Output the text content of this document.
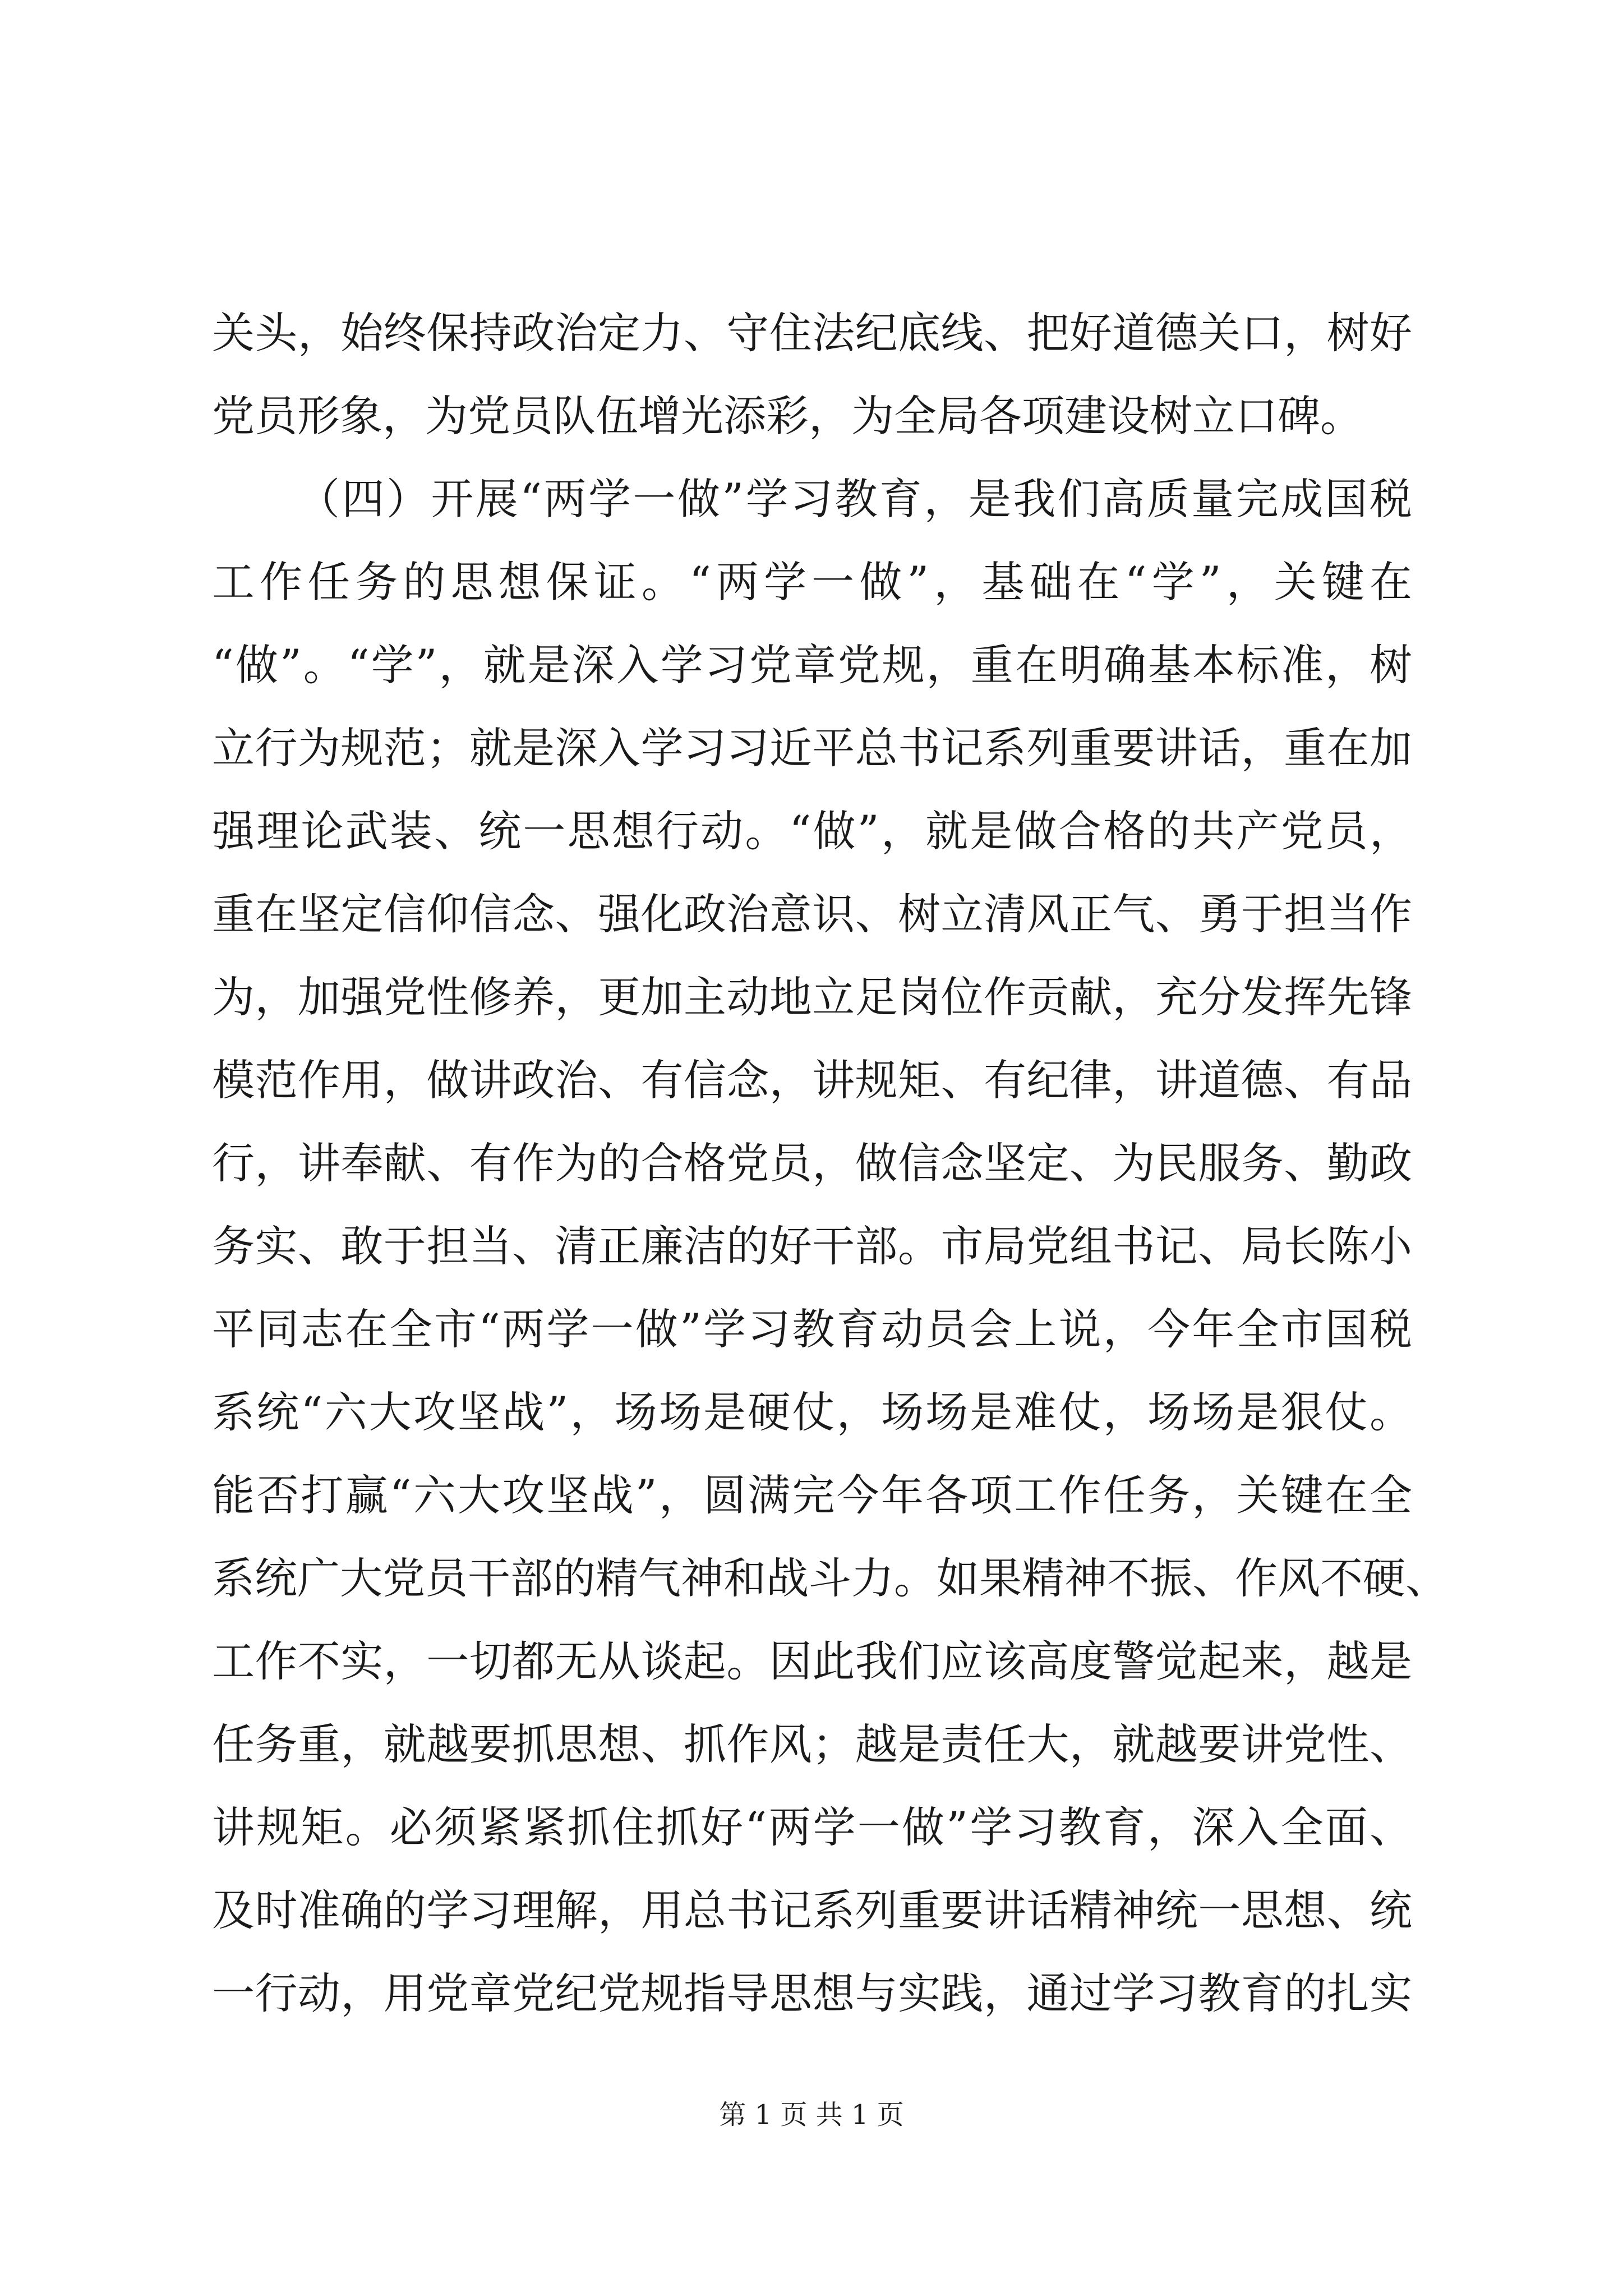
关头，始终保持政治定力、守住法纪底线、把好道德关口，树好
党员形象，为党员队伍增光添彩，为全局各项建设树立口碑。
（四）开展“两学一做”学习教育，是我们高质量完成国税
工作任务的思想保证。“两学一做”，基础在“学”，关键在
“做”。“学”，就是深入学习党章党规，重在明确基本标准，树
立行为规范；就是深入学习习近平总书记系列重要讲话，重在加
强理论武装、统一思想行动。“做”，就是做合格的共产党员，
重在坚定信仰信念、强化政治意识、树立清风正气、勇于担当作
为，加强党性修养，更加主动地立足岗位作贡献，充分发挥先锋
模范作用，做讲政治、有信念，讲规矩、有纪律，讲道德、有品
行，讲奉献、有作为的合格党员，做信念坚定、为民服务、勤政
务实、敢于担当、清正廉洁的好干部。市局党组书记、局长陈小
平同志在全市“两学一做”学习教育动员会上说，今年全市国税
系统“六大攻坚战”，场场是硬仗，场场是难仗，场场是狠仗。
能否打赢“六大攻坚战”，圆满完今年各项工作任务，关键在全
系统广大党员干部的精气神和战斗力。如果精神不振、作风不硬、
工作不实，一切都无从谈起。因此我们应该高度警觉起来，越是
任务重，就越要抓思想、抓作风；越是责任大，就越要讲党性、
讲规矩。必须紧紧抓住抓好“两学一做”学习教育，深入全面、
及时准确的学习理解，用总书记系列重要讲话精神统一思想、统
一行动，用党章党纪党规指导思想与实践，通过学习教育的扎实
第 1 页 共 1 页
